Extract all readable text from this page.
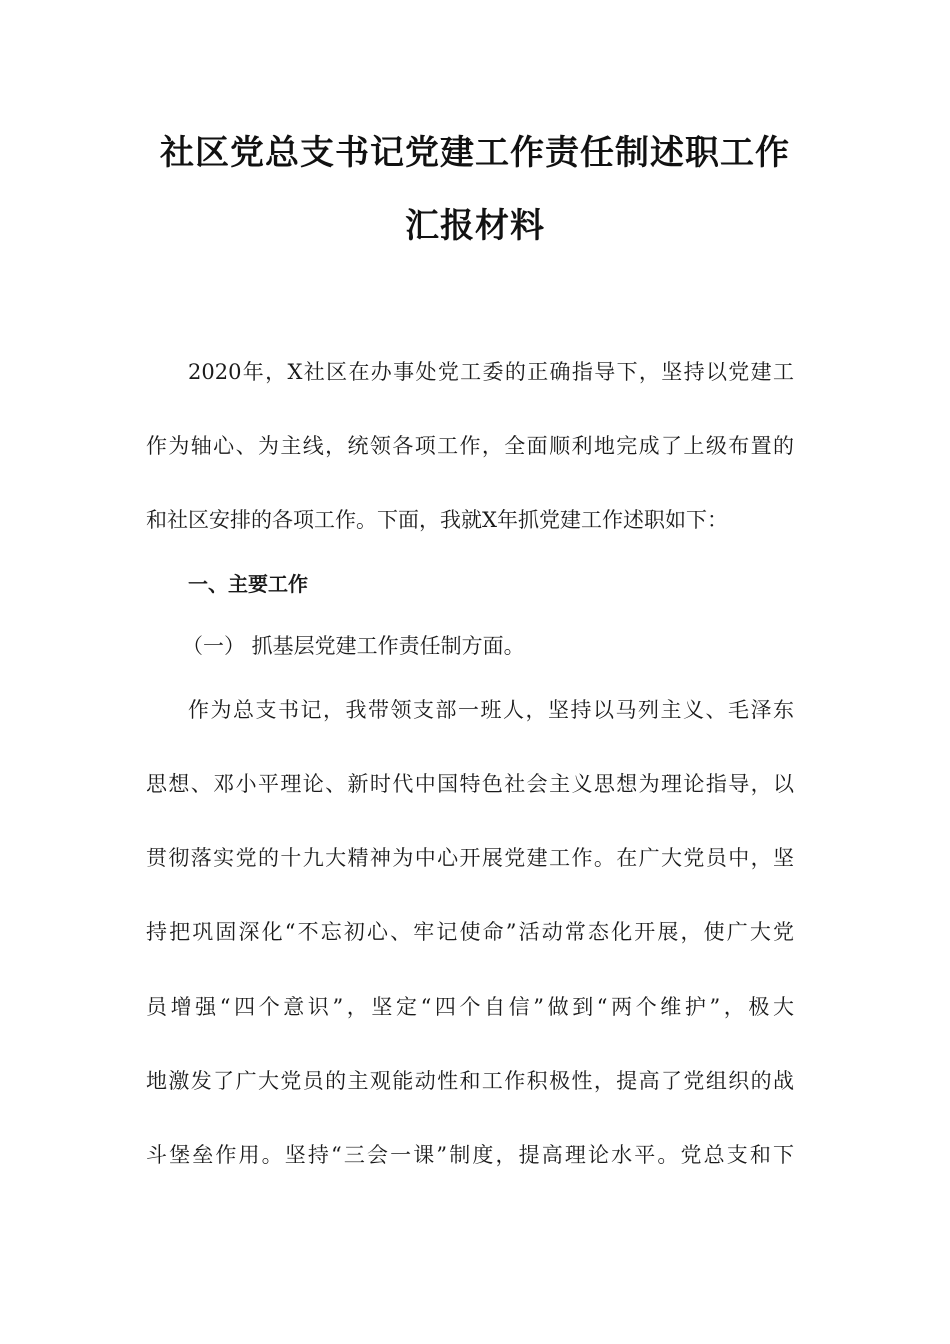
社区党总支书记党建工作责任制述职工作
汇报材料
2020年，X社区在办事处党工委的正确指导下，坚持以党建工
作为轴心、为主线，统领各项工作，全面顺利地完成了上级布置的
和社区安排的各项工作。下面，我就X年抓党建工作述职如下：
一、主要工作
（一） 抓基层党建工作责任制方面。
作为总支书记，我带领支部一班人，坚持以马列主义、毛泽东
思想、邓小平理论、新时代中国特色社会主义思想为理论指导，以
贯彻落实党的十九大精神为中心开展党建工作。在广大党员中，坚
持把巩固深化“不忘初心、牢记使命”活动常态化开展，使广大党
员增强“四个意识”，坚定“四个自信”做到“两个维护”，极大
地激发了广大党员的主观能动性和工作积极性，提高了党组织的战
斗堡垒作用。坚持“三会一课”制度，提高理论水平。党总支和下
